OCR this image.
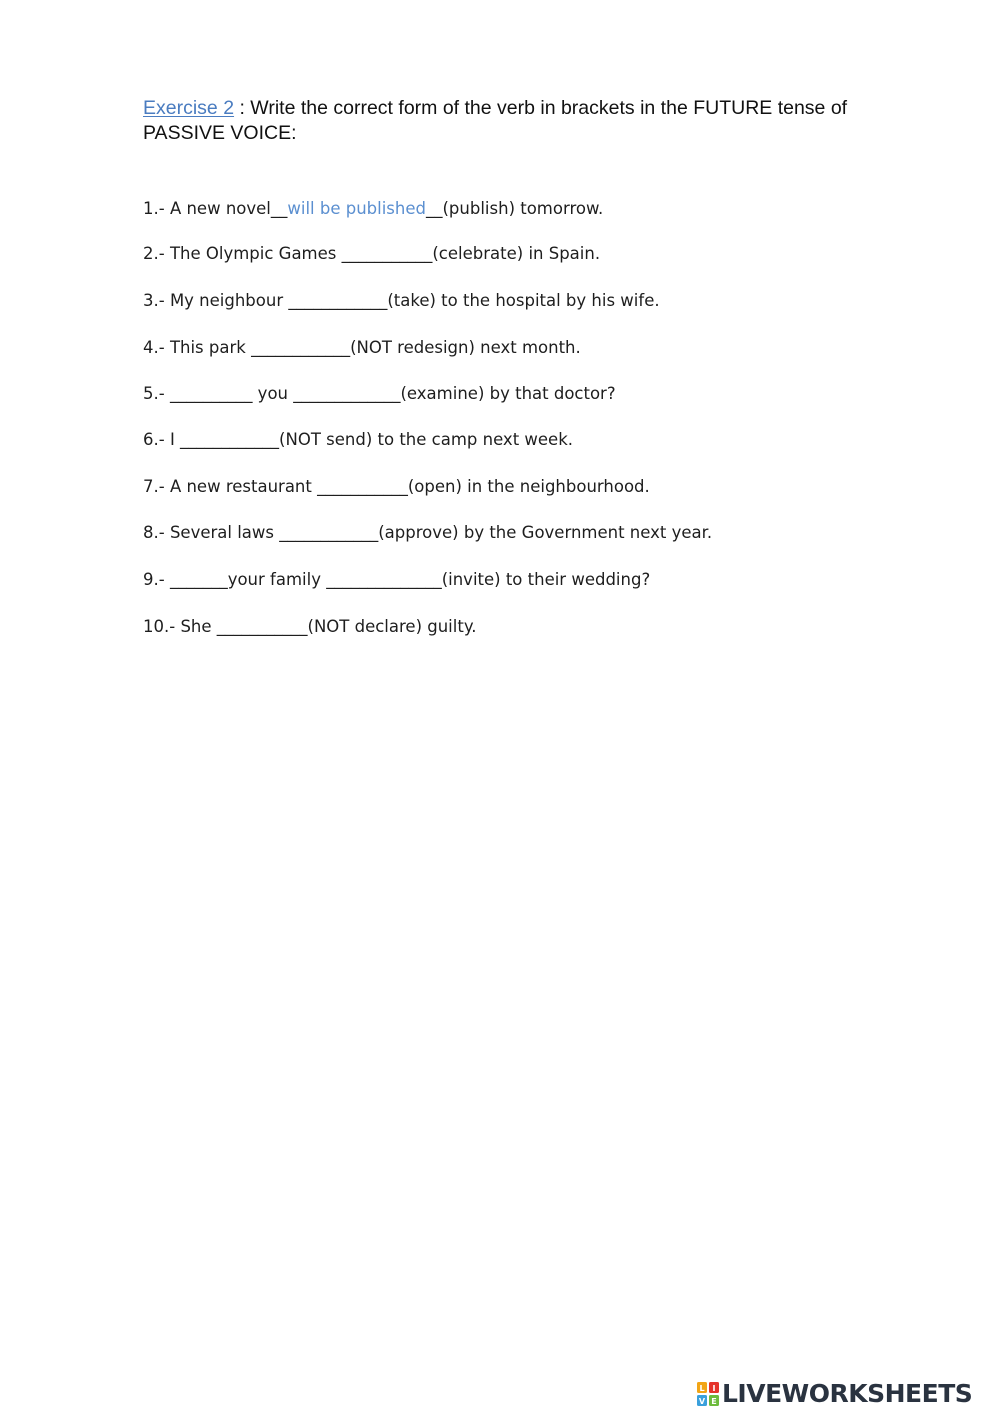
Exercise 2 : Write the correct form of the verb in brackets in the FUTURE tense of PASSIVE VOICE:
1.- A new novel__will be published__(publish) tomorrow.
2.- The Olympic Games ___________(celebrate) in Spain.
3.- My neighbour ____________(take) to the hospital by his wife.
4.- This park ____________(NOT redesign) next month.
5.- __________ you _____________(examine) by that doctor?
6.- I ____________(NOT send) to the camp next week.
7.- A new restaurant ___________(open) in the neighbourhood.
8.- Several laws ____________(approve) by the Government next year.
9.- _______your family ______________(invite) to their wedding?
10.- She ___________(NOT declare) guilty.
L I
V E LIVEWORKSHEETS
